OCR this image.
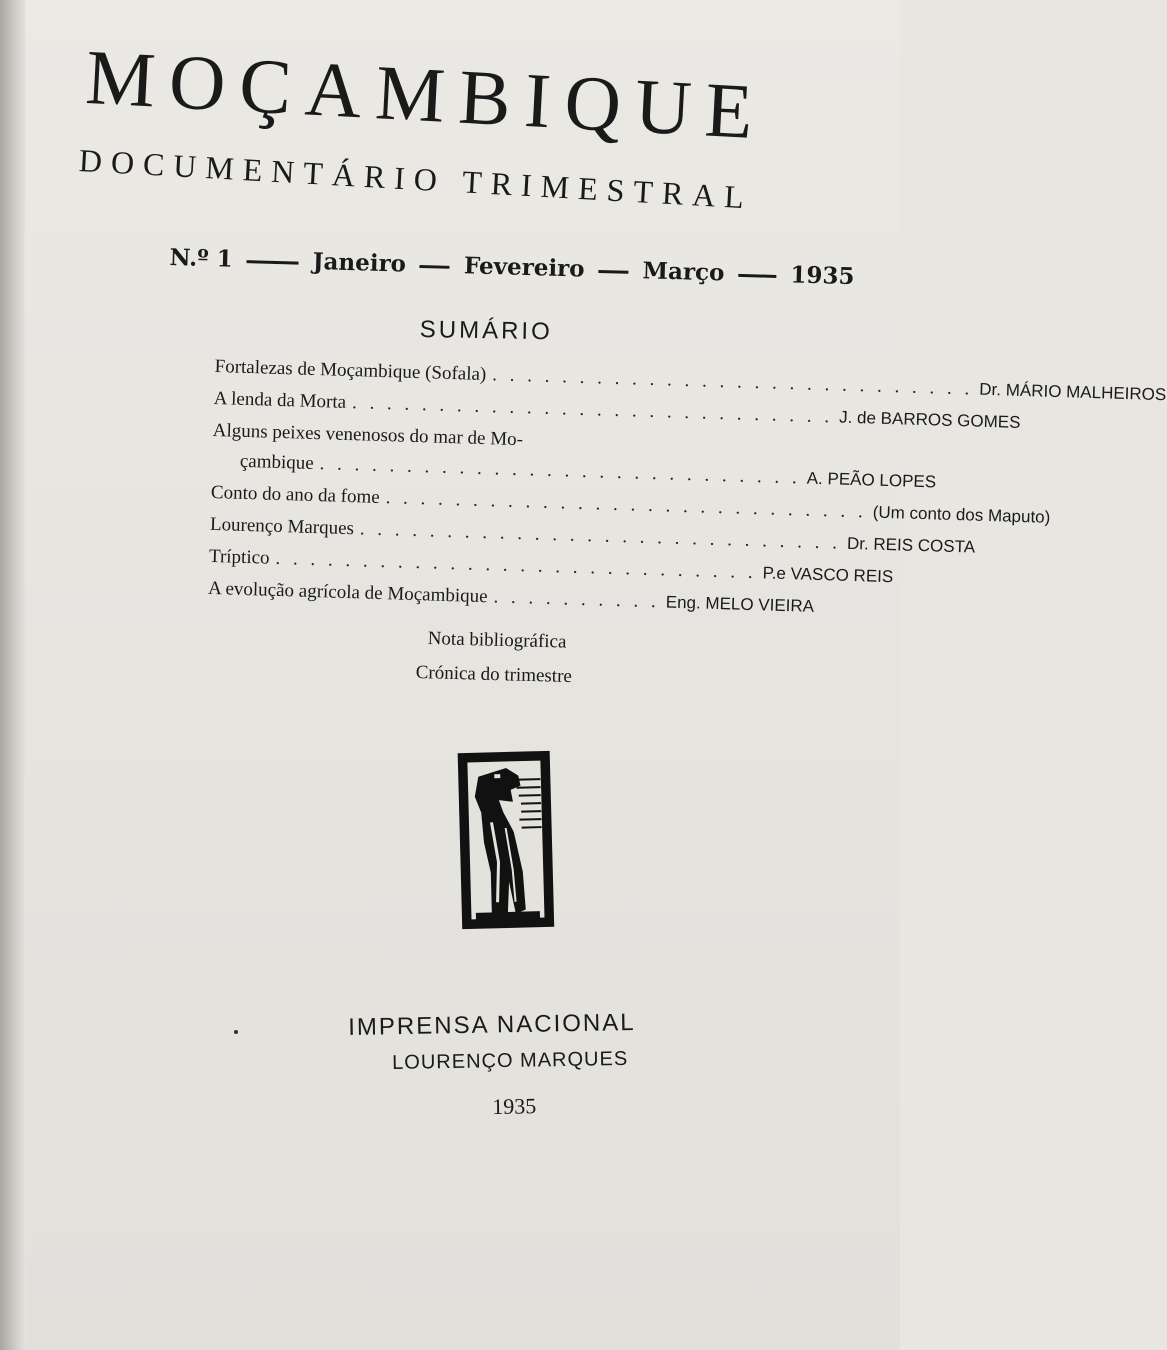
MOÇAMBIQUE
DOCUMENTÁRIO TRIMESTRAL
N.º 1	Janeiro Fevereiro Março	1935
SUMÁRIO
Fortalezas de Moçambique (Sofala) . . . . . . . . . . . . . . . . . . . . . . . . . . . . Dr. MÁRIO MALHEIROS
A lenda da Morta . . . . . . . . . . . . . . . . . . . . . . . . . . . . J. de BARROS GOMES
Alguns peixes venenosos do mar de Mo-
çambique . . . . . . . . . . . . . . . . . . . . . . . . . . . . A. PEÃO LOPES
Conto do ano da fome . . . . . . . . . . . . . . . . . . . . . . . . . . . . (Um conto dos Maputo)
Lourenço Marques . . . . . . . . . . . . . . . . . . . . . . . . . . . . Dr. REIS COSTA
Tríptico . . . . . . . . . . . . . . . . . . . . . . . . . . . . P.e VASCO REIS
A evolução agrícola de Moçambique . . . . . . . . . . Eng. MELO VIEIRA
Nota bibliográfica
Crónica do trimestre
IMPRENSA NACIONAL
LOURENÇO MARQUES
1935
